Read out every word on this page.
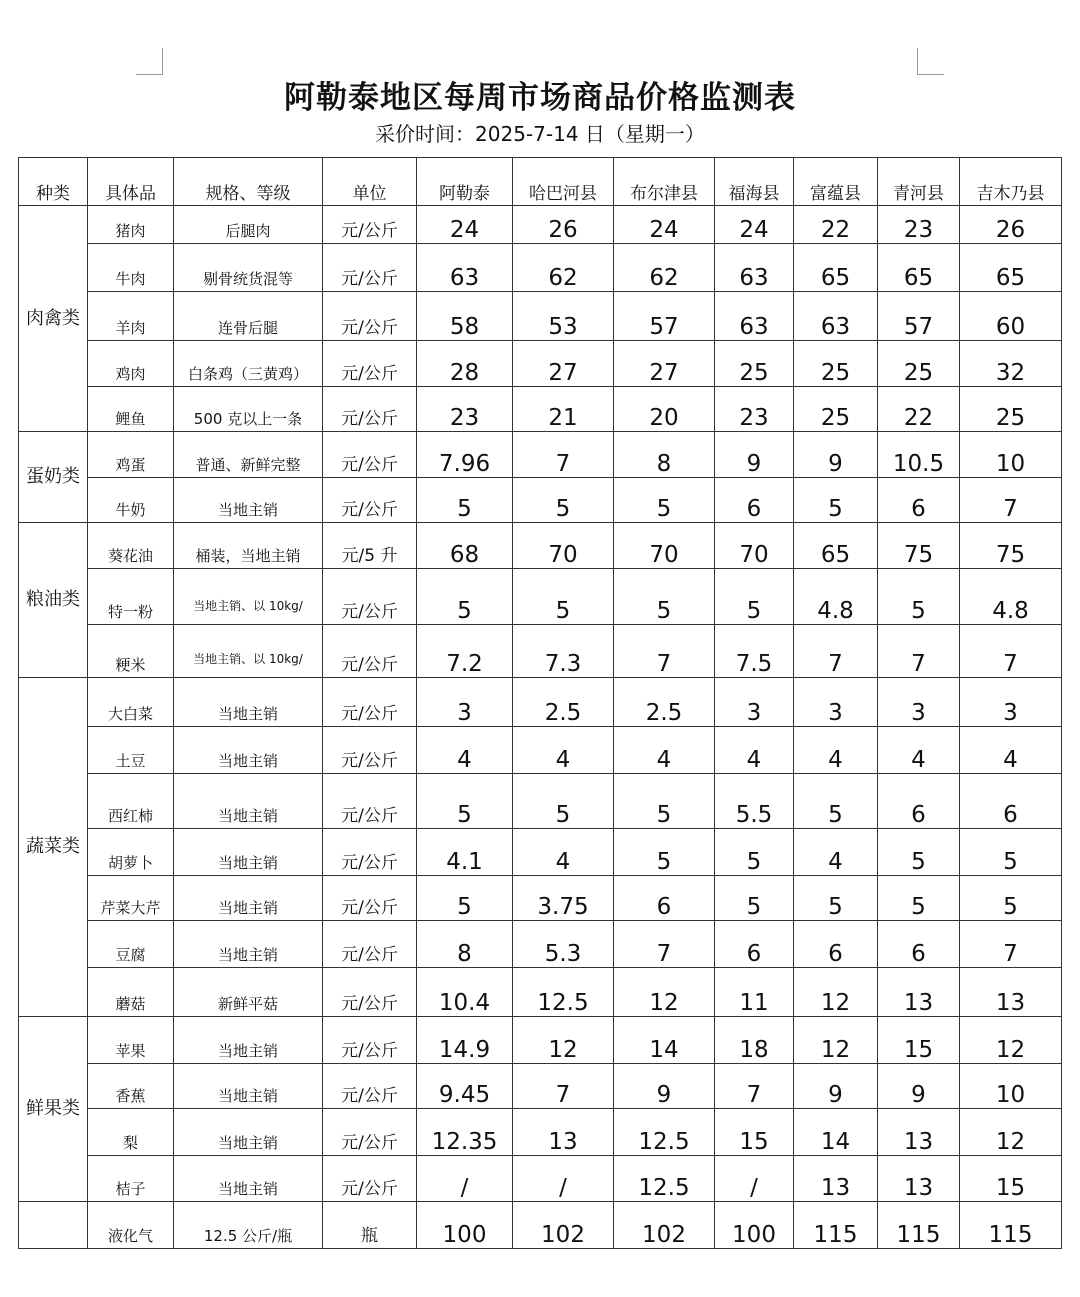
阿勒泰地区每周市场商品价格监测表
采价时间：2025-7-14 日（星期一）
种类	具体品	规格、等级	单位	阿勒泰	哈巴河县	布尔津县	福海县	富蕴县	青河县	吉木乃县
肉禽类	猪肉	后腿肉	元/公斤	24	26	24	24	22	23	26
	牛肉	剔骨统货混等	元/公斤	63	62	62	63	65	65	65
	羊肉	连骨后腿	元/公斤	58	53	57	63	63	57	60
	鸡肉	白条鸡（三黄鸡）	元/公斤	28	27	27	25	25	25	32
	鲤鱼	500 克以上一条	元/公斤	23	21	20	23	25	22	25
蛋奶类	鸡蛋	普通、新鲜完整	元/公斤	7.96	7	8	9	9	10.5	10
	牛奶	当地主销	元/公斤	5	5	5	6	5	6	7
粮油类	葵花油	桶装，当地主销	元/5 升	68	70	70	70	65	75	75
	特一粉	当地主销、以 10kg/	元/公斤	5	5	5	5	4.8	5	4.8
	粳米	当地主销、以 10kg/	元/公斤	7.2	7.3	7	7.5	7	7	7
蔬菜类	大白菜	当地主销	元/公斤	3	2.5	2.5	3	3	3	3
	土豆	当地主销	元/公斤	4	4	4	4	4	4	4
	西红柿	当地主销	元/公斤	5	5	5	5.5	5	6	6
	胡萝卜	当地主销	元/公斤	4.1	4	5	5	4	5	5
	芹菜大芹	当地主销	元/公斤	5	3.75	6	5	5	5	5
	豆腐	当地主销	元/公斤	8	5.3	7	6	6	6	7
	蘑菇	新鲜平菇	元/公斤	10.4	12.5	12	11	12	13	13
鲜果类	苹果	当地主销	元/公斤	14.9	12	14	18	12	15	12
	香蕉	当地主销	元/公斤	9.45	7	9	7	9	9	10
	梨	当地主销	元/公斤	12.35	13	12.5	15	14	13	12
	桔子	当地主销	元/公斤	/	/	12.5	/	13	13	15
	液化气	12.5 公斤/瓶	瓶	100	102	102	100	115	115	115
